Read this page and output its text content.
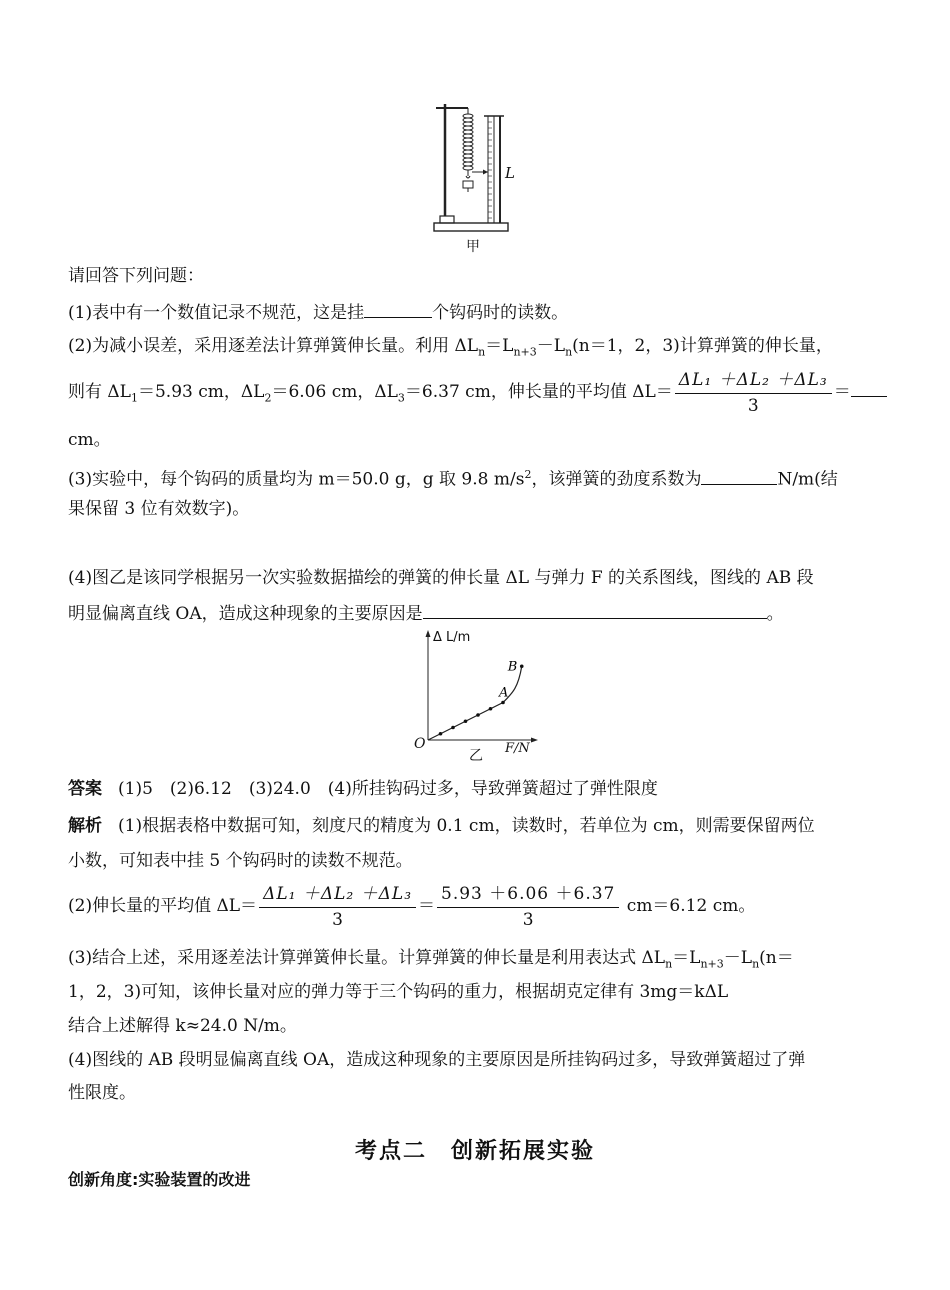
L
甲
请回答下列问题：
(1)表中有一个数值记录不规范，这是挂	个钩码时的读数。
(2)为减小误差，采用逐差法计算弹簧伸长量。利用 $\Delta L_n=L_{n+3}-L_n(n=1$，2，3)计算弹簧的伸长量，
则有 $\Delta L_1=5.93$ cm，$\Delta L_2=6.06$ cm，$\Delta L_3=6.37$ cm，伸长量的平均值 $\Delta L= \frac{\text{ΔL₁ ＋ΔL₂ ＋ΔL₃}}{3}$ ＝
cm。
(3)实验中，每个钩码的质量均为 m＝50.0 g，g 取 9.8 $m/s^2$，该弹簧的劲度系数为	N/m(结
果保留 3 位有效数字)。
(4)图乙是该同学根据另一次实验数据描绘的弹簧的伸长量 ΔL 与弹力 F 的关系图线，图线的 AB 段
明显偏离直线 OA，造成这种现象的主要原因是	。
A
B
Δ L/m
O	F/N
乙
答案 (1)5　(2)6.12　(3)24.0　(4)所挂钩码过多，导致弹簧超过了弹性限度
解析 (1)根据表格中数据可知，刻度尺的精度为 0.1 cm，读数时，若单位为 cm，则需要保留两位
小数，可知表中挂 5 个钩码时的读数不规范。
(2)伸长量的平均值 $\Delta L= \frac{\text{ΔL₁ ＋ΔL₂ ＋ΔL₃}}{3} = \frac{5.93 +6.06 +6.37}{3} cm=6.12$ cm。
(3)结合上述，采用逐差法计算弹簧伸长量。计算弹簧的伸长量是利用表达式 $\Delta L_n=L_{n+3}-L_n(n=$
1，2，3)可知，该伸长量对应的弹力等于三个钩码的重力，根据胡克定律有 3mg＝kΔL
结合上述解得 k≈24.0 N/m。
(4)图线的 AB 段明显偏离直线 OA，造成这种现象的主要原因是所挂钩码过多，导致弹簧超过了弹
性限度。
考点二　创新拓展实验
创新角度:实验装置的改进
